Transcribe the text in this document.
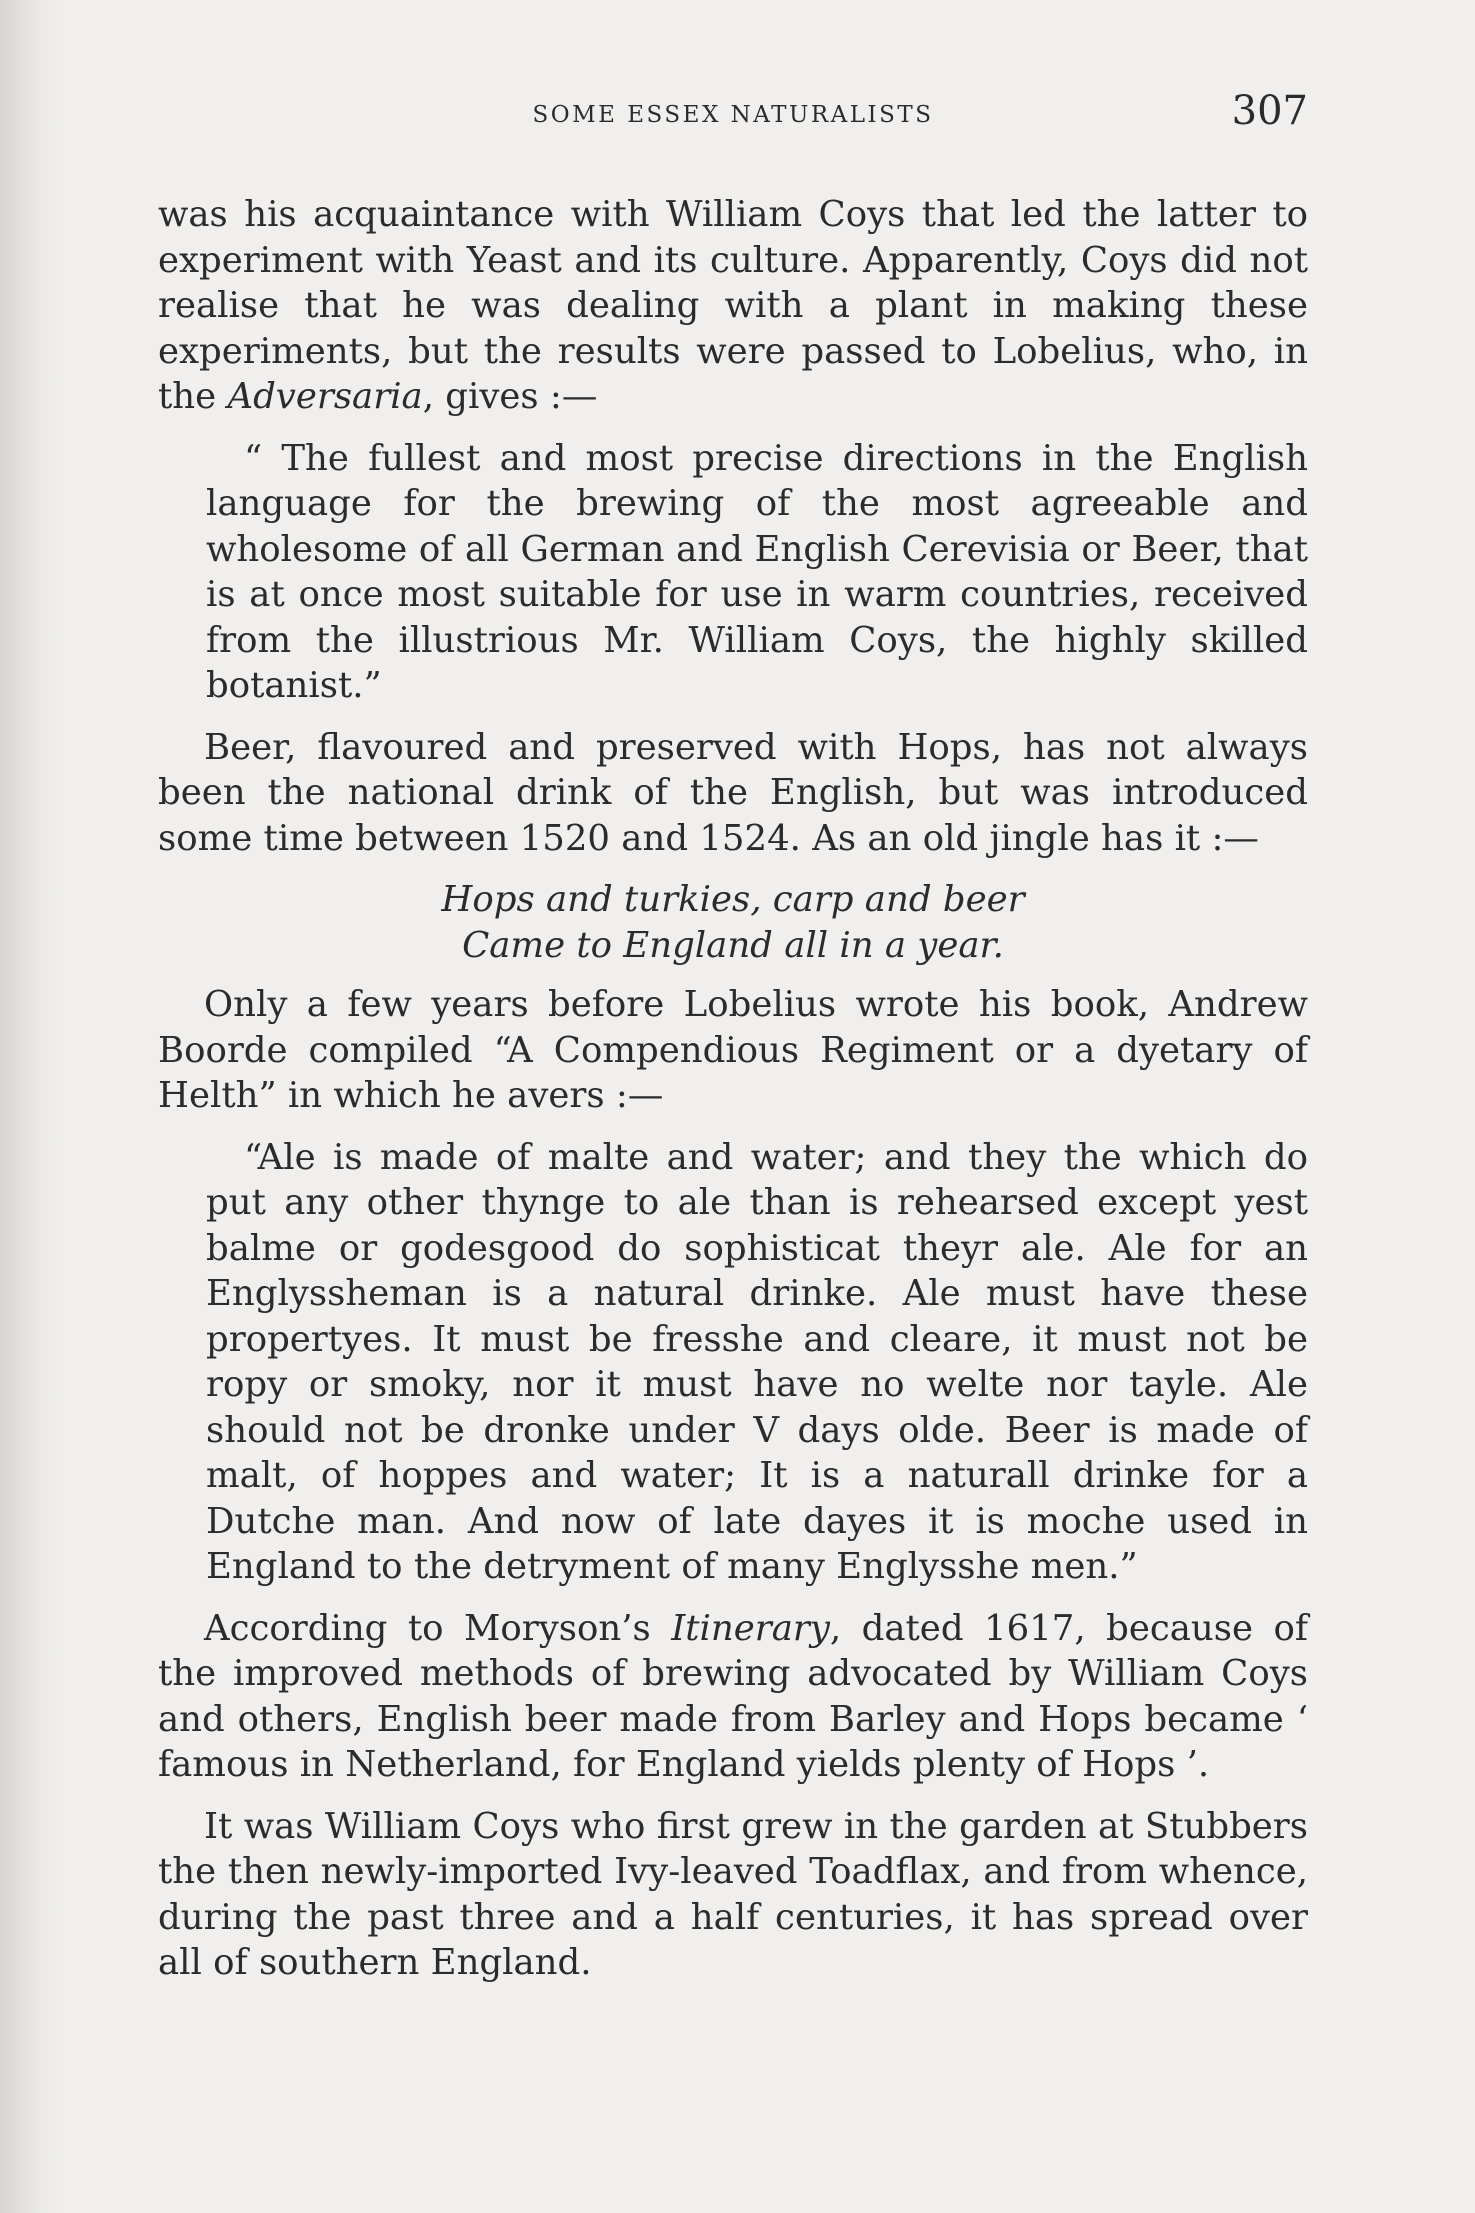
SOME ESSEX NATURALISTS	307

was his acquaintance with William Coys that led the latter to experiment with Yeast and its culture. Apparently, Coys did not realise that he was dealing with a plant in making these experiments, but the results were passed to Lobelius, who, in the Adversaria, gives :—

“ The fullest and most precise directions in the English language for the brewing of the most agreeable and wholesome of all German and English Cerevisia or Beer, that is at once most suitable for use in warm countries, received from the illustrious Mr. William Coys, the highly skilled botanist.”

Beer, flavoured and preserved with Hops, has not always been the national drink of the English, but was introduced some time between 1520 and 1524. As an old jingle has it :—

Hops and turkies, carp and beer
Came to England all in a year.

Only a few years before Lobelius wrote his book, Andrew Boorde compiled “A Compendious Regiment or a dyetary of Helth” in which he avers :—

“Ale is made of malte and water; and they the which do put any other thynge to ale than is rehearsed except yest balme or godesgood do sophisticat theyr ale. Ale for an Englyssheman is a natural drinke. Ale must have these propertyes. It must be fresshe and cleare, it must not be ropy or smoky, nor it must have no welte nor tayle. Ale should not be dronke under V days olde. Beer is made of malt, of hoppes and water; It is a naturall drinke for a Dutche man. And now of late dayes it is moche used in England to the detryment of many Englysshe men.”

According to Moryson’s Itinerary, dated 1617, because of the improved methods of brewing advocated by William Coys and others, English beer made from Barley and Hops became ‘ famous in Netherland, for England yields plenty of Hops ’.

It was William Coys who first grew in the garden at Stubbers the then newly-imported Ivy-leaved Toadflax, and from whence, during the past three and a half centuries, it has spread over all of southern England.
